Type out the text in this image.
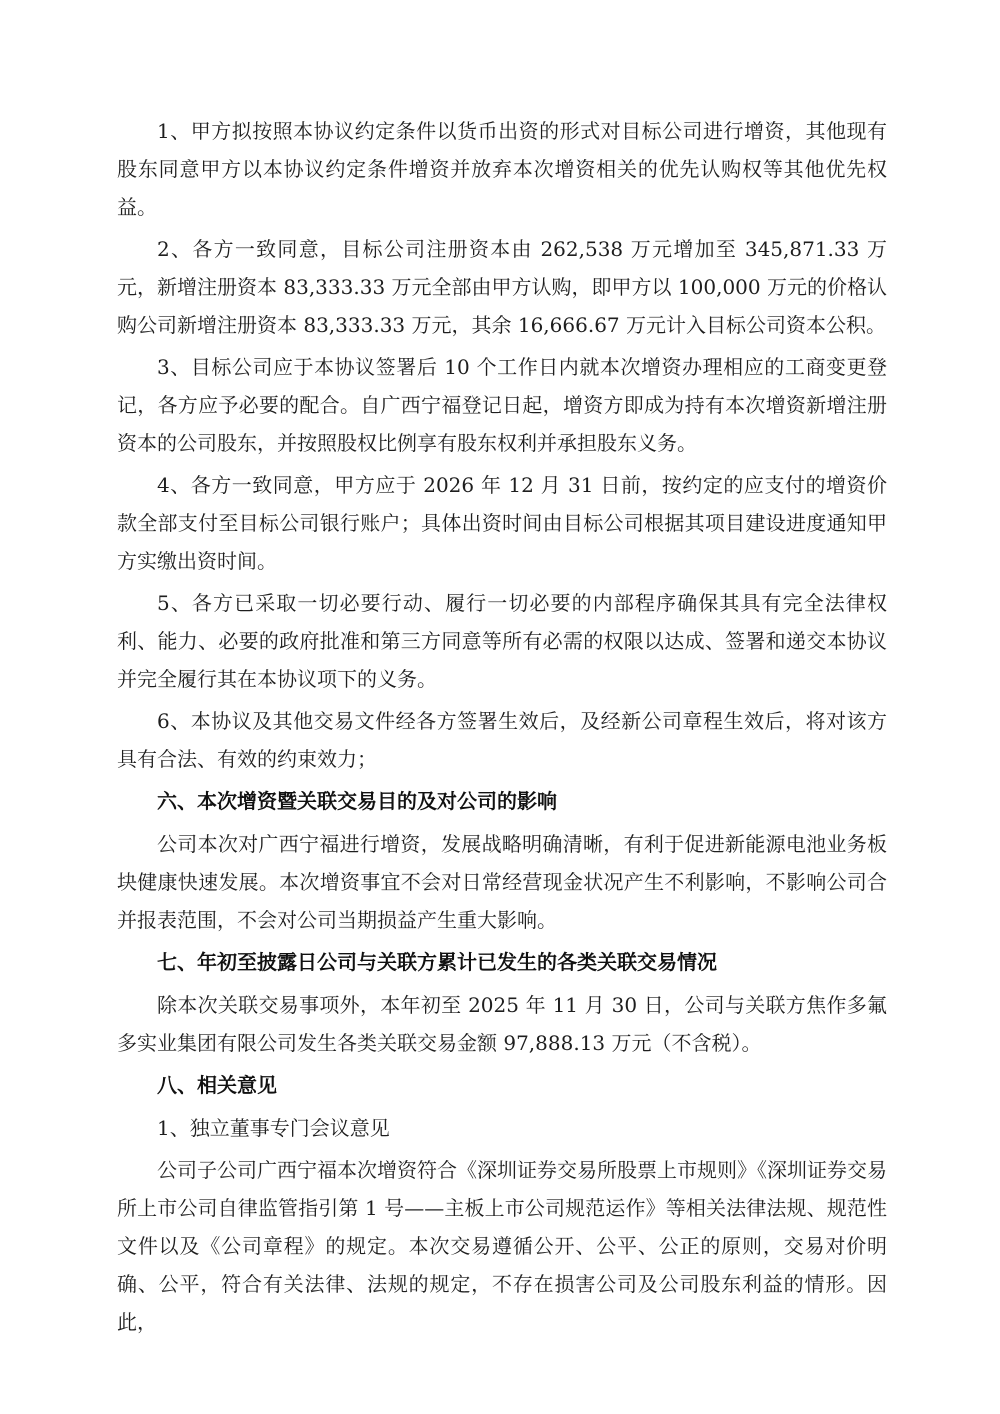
1、甲方拟按照本协议约定条件以货币出资的形式对目标公司进行增资，其他现有股东同意甲方以本协议约定条件增资并放弃本次增资相关的优先认购权等其他优先权益。

2、各方一致同意，目标公司注册资本由 262,538 万元增加至 345,871.33 万元，新增注册资本 83,333.33 万元全部由甲方认购，即甲方以 100,000 万元的价格认购公司新增注册资本 83,333.33 万元，其余 16,666.67 万元计入目标公司资本公积。

3、目标公司应于本协议签署后 10 个工作日内就本次增资办理相应的工商变更登记，各方应予必要的配合。自广西宁福登记日起，增资方即成为持有本次增资新增注册资本的公司股东，并按照股权比例享有股东权利并承担股东义务。

4、各方一致同意，甲方应于 2026 年 12 月 31 日前，按约定的应支付的增资价款全部支付至目标公司银行账户；具体出资时间由目标公司根据其项目建设进度通知甲方实缴出资时间。

5、各方已采取一切必要行动、履行一切必要的内部程序确保其具有完全法律权利、能力、必要的政府批准和第三方同意等所有必需的权限以达成、签署和递交本协议并完全履行其在本协议项下的义务。

6、本协议及其他交易文件经各方签署生效后，及经新公司章程生效后，将对该方具有合法、有效的约束效力；

六、本次增资暨关联交易目的及对公司的影响

公司本次对广西宁福进行增资，发展战略明确清晰，有利于促进新能源电池业务板块健康快速发展。本次增资事宜不会对日常经营现金状况产生不利影响，不影响公司合并报表范围，不会对公司当期损益产生重大影响。

七、年初至披露日公司与关联方累计已发生的各类关联交易情况

除本次关联交易事项外，本年初至 2025 年 11 月 30 日，公司与关联方焦作多氟多实业集团有限公司发生各类关联交易金额 97,888.13 万元（不含税）。

八、相关意见

1、独立董事专门会议意见

公司子公司广西宁福本次增资符合《深圳证券交易所股票上市规则》《深圳证券交易所上市公司自律监管指引第 1 号——主板上市公司规范运作》等相关法律法规、规范性文件以及《公司章程》的规定。本次交易遵循公开、公平、公正的原则，交易对价明确、公平，符合有关法律、法规的规定，不存在损害公司及公司股东利益的情形。因此，
